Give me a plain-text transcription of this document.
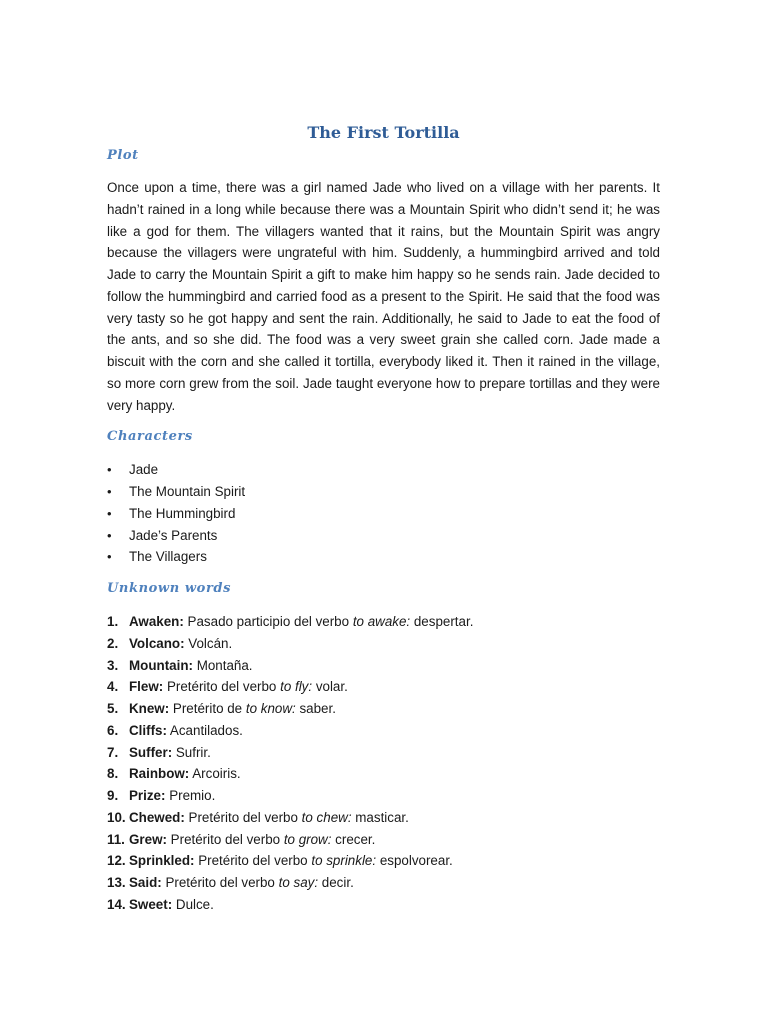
The First Tortilla
Plot

Once upon a time, there was a girl named Jade who lived on a village with her parents. It hadn’t rained in a long while because there was a Mountain Spirit who didn’t send it; he was like a god for them. The villagers wanted that it rains, but the Mountain Spirit was angry because the villagers were ungrateful with him. Suddenly, a hummingbird arrived and told Jade to carry the Mountain Spirit a gift to make him happy so he sends rain. Jade decided to follow the hummingbird and carried food as a present to the Spirit. He said that the food was very tasty so he got happy and sent the rain. Additionally, he said to Jade to eat the food of the ants, and so she did. The food was a very sweet grain she called corn. Jade made a biscuit with the corn and she called it tortilla, everybody liked it. Then it rained in the village, so more corn grew from the soil. Jade taught everyone how to prepare tortillas and they were very happy.

Characters
• Jade
• The Mountain Spirit
• The Hummingbird
• Jade’s Parents
• The Villagers
Unknown words
1. Awaken: Pasado participio del verbo to awake: despertar.
2. Volcano: Volcán.
3. Mountain: Montaña.
4. Flew: Pretérito del verbo to fly: volar.
5. Knew: Pretérito de to know: saber.
6. Cliffs: Acantilados.
7. Suffer: Sufrir.
8. Rainbow: Arcoiris.
9. Prize: Premio.
10. Chewed: Pretérito del verbo to chew: masticar.
11. Grew: Pretérito del verbo to grow: crecer.
12. Sprinkled: Pretérito del verbo to sprinkle: espolvorear.
13. Said: Pretérito del verbo to say: decir.
14. Sweet: Dulce.
